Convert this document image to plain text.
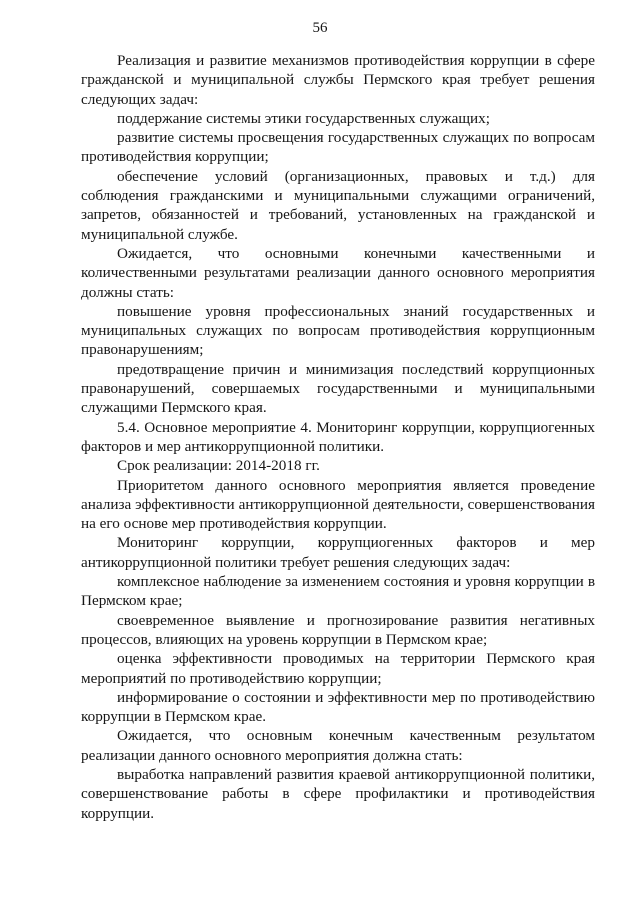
56

Реализация и развитие механизмов противодействия коррупции в сфере гражданской и муниципальной службы Пермского края требует решения следующих задач:

поддержание системы этики государственных служащих;

развитие системы просвещения государственных служащих по вопросам противодействия коррупции;

обеспечение условий (организационных, правовых и т.д.) для соблюдения гражданскими и муниципальными служащими ограничений, запретов, обязанностей и требований, установленных на гражданской и муниципальной службе.

Ожидается, что основными конечными качественными и количественными результатами реализации данного основного мероприятия должны стать:

повышение уровня профессиональных знаний государственных и муниципальных служащих по вопросам противодействия коррупционным правонарушениям;

предотвращение причин и минимизация последствий коррупционных правонарушений, совершаемых государственными и муниципальными служащими Пермского края.

5.4. Основное мероприятие 4. Мониторинг коррупции, коррупциогенных факторов и мер антикоррупционной политики.

Срок реализации: 2014-2018 гг.

Приоритетом данного основного мероприятия является проведение анализа эффективности антикоррупционной деятельности, совершенствования на его основе мер противодействия коррупции.

Мониторинг коррупции, коррупциогенных факторов и мер антикоррупционной политики требует решения следующих задач:

комплексное наблюдение за изменением состояния и уровня коррупции в Пермском крае;

своевременное выявление и прогнозирование развития негативных процессов, влияющих на уровень коррупции в Пермском крае;

оценка эффективности проводимых на территории Пермского края мероприятий по противодействию коррупции;

информирование о состоянии и эффективности мер по противодействию коррупции в Пермском крае.

Ожидается, что основным конечным качественным результатом реализации данного основного мероприятия должна стать:

выработка направлений развития краевой антикоррупционной политики, совершенствование работы в сфере профилактики и противодействия коррупции.
